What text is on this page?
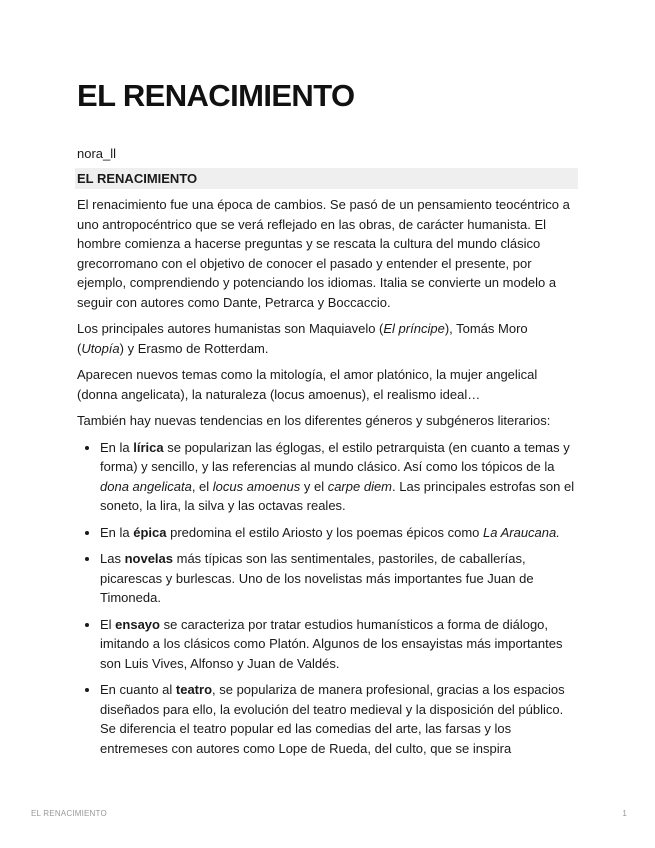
EL RENACIMIENTO
nora_ll
EL RENACIMIENTO

El renacimiento fue una época de cambios. Se pasó de un pensamiento teocéntrico a uno antropocéntrico que se verá reflejado en las obras, de carácter humanista. El hombre comienza a hacerse preguntas y se rescata la cultura del mundo clásico grecorromano con el objetivo de conocer el pasado y entender el presente, por ejemplo, comprendiendo y potenciando los idiomas. Italia se convierte un modelo a seguir con autores como Dante, Petrarca y Boccaccio.

Los principales autores humanistas son Maquiavelo (El príncipe), Tomás Moro (Utopía) y Erasmo de Rotterdam.

Aparecen nuevos temas como la mitología, el amor platónico, la mujer angelical (donna angelicata), la naturaleza (locus amoenus), el realismo ideal…

También hay nuevas tendencias en los diferentes géneros y subgéneros literarios:

En la lírica se popularizan las églogas, el estilo petrarquista (en cuanto a temas y forma) y sencillo, y las referencias al mundo clásico. Así como los tópicos de la dona angelicata, el locus amoenus y el carpe diem. Las principales estrofas son el soneto, la lira, la silva y las octavas reales.
En la épica predomina el estilo Ariosto y los poemas épicos como La Araucana.
Las novelas más típicas son las sentimentales, pastoriles, de caballerías, picarescas y burlescas. Uno de los novelistas más importantes fue Juan de Timoneda.
El ensayo se caracteriza por tratar estudios humanísticos a forma de diálogo, imitando a los clásicos como Platón. Algunos de los ensayistas más importantes son Luis Vives, Alfonso y Juan de Valdés.
En cuanto al teatro, se populariza de manera profesional, gracias a los espacios diseñados para ello, la evolución del teatro medieval y la disposición del público. Se diferencia el teatro popular ed las comedias del arte, las farsas y los entremeses con autores como Lope de Rueda, del culto, que se inspira
EL RENACIMIENTO	1
